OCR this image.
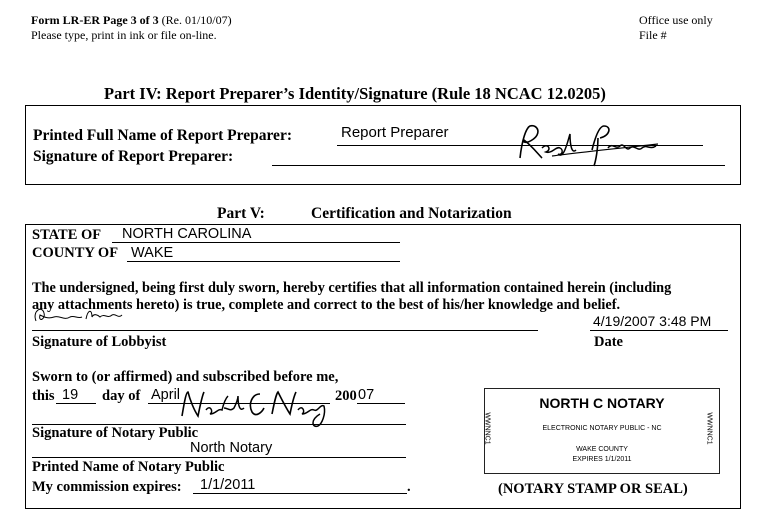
Form LR-ER Page 3 of 3 (Re. 01/10/07)
Please type, print in ink or file on-line.
Office use only
File #
Part IV: Report Preparer’s Identity/Signature (Rule 18 NCAC 12.0205)
Printed Full Name of Report Preparer:	Report Preparer
Signature of Report Preparer:
Part V:	Certification and Notarization
STATE OF NORTH CAROLINA
COUNTY OF WAKE
The undersigned, being first duly sworn, hereby certifies that all information contained herein (including
any attachments hereto) is true, complete and correct to the best of his/her knowledge and belief.
4/19/2007 3:48 PM
Signature of Lobbyist	Date
Sworn to (or affirmed) and subscribed before me,
this 19 day of April	200 07
Signature of Notary Public
North Notary
Printed Name of Notary Public
My commission expires: 1/1/2011	.
NORTH C NOTARY
ELECTRONIC NOTARY PUBLIC - NC
WAKE COUNTY
EXPIRES 1/1/2011
WWNNC1	WWNNC1
(NOTARY STAMP OR SEAL)
